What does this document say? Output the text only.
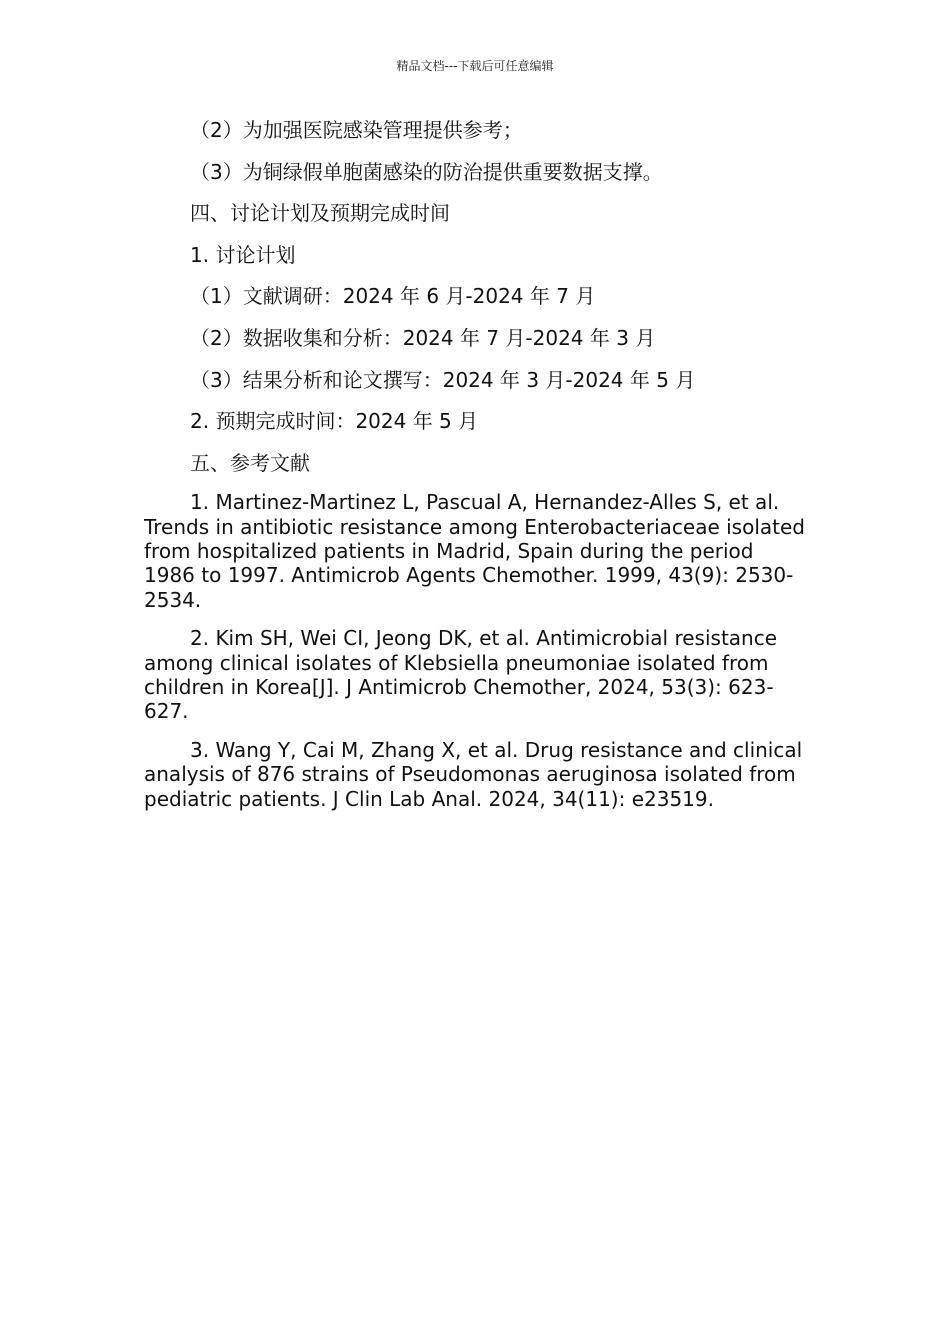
精品文档---下载后可任意编辑

（2）为加强医院感染管理提供参考；

（3）为铜绿假单胞菌感染的防治提供重要数据支撑。

四、讨论计划及预期完成时间

1. 讨论计划

（1）文献调研：2024 年 6 月-2024 年 7 月

（2）数据收集和分析：2024 年 7 月-2024 年 3 月

（3）结果分析和论文撰写：2024 年 3 月-2024 年 5 月

2. 预期完成时间：2024 年 5 月

五、参考文献

1. Martinez-Martinez L, Pascual A, Hernandez-Alles S, et al. Trends in antibiotic resistance among Enterobacteriaceae isolated from hospitalized patients in Madrid, Spain during the period 1986 to 1997. Antimicrob Agents Chemother. 1999, 43(9): 2530-2534.

2. Kim SH, Wei CI, Jeong DK, et al. Antimicrobial resistance among clinical isolates of Klebsiella pneumoniae isolated from children in Korea[J]. J Antimicrob Chemother, 2024, 53(3): 623-627.

3. Wang Y, Cai M, Zhang X, et al. Drug resistance and clinical analysis of 876 strains of Pseudomonas aeruginosa isolated from pediatric patients. J Clin Lab Anal. 2024, 34(11): e23519.
